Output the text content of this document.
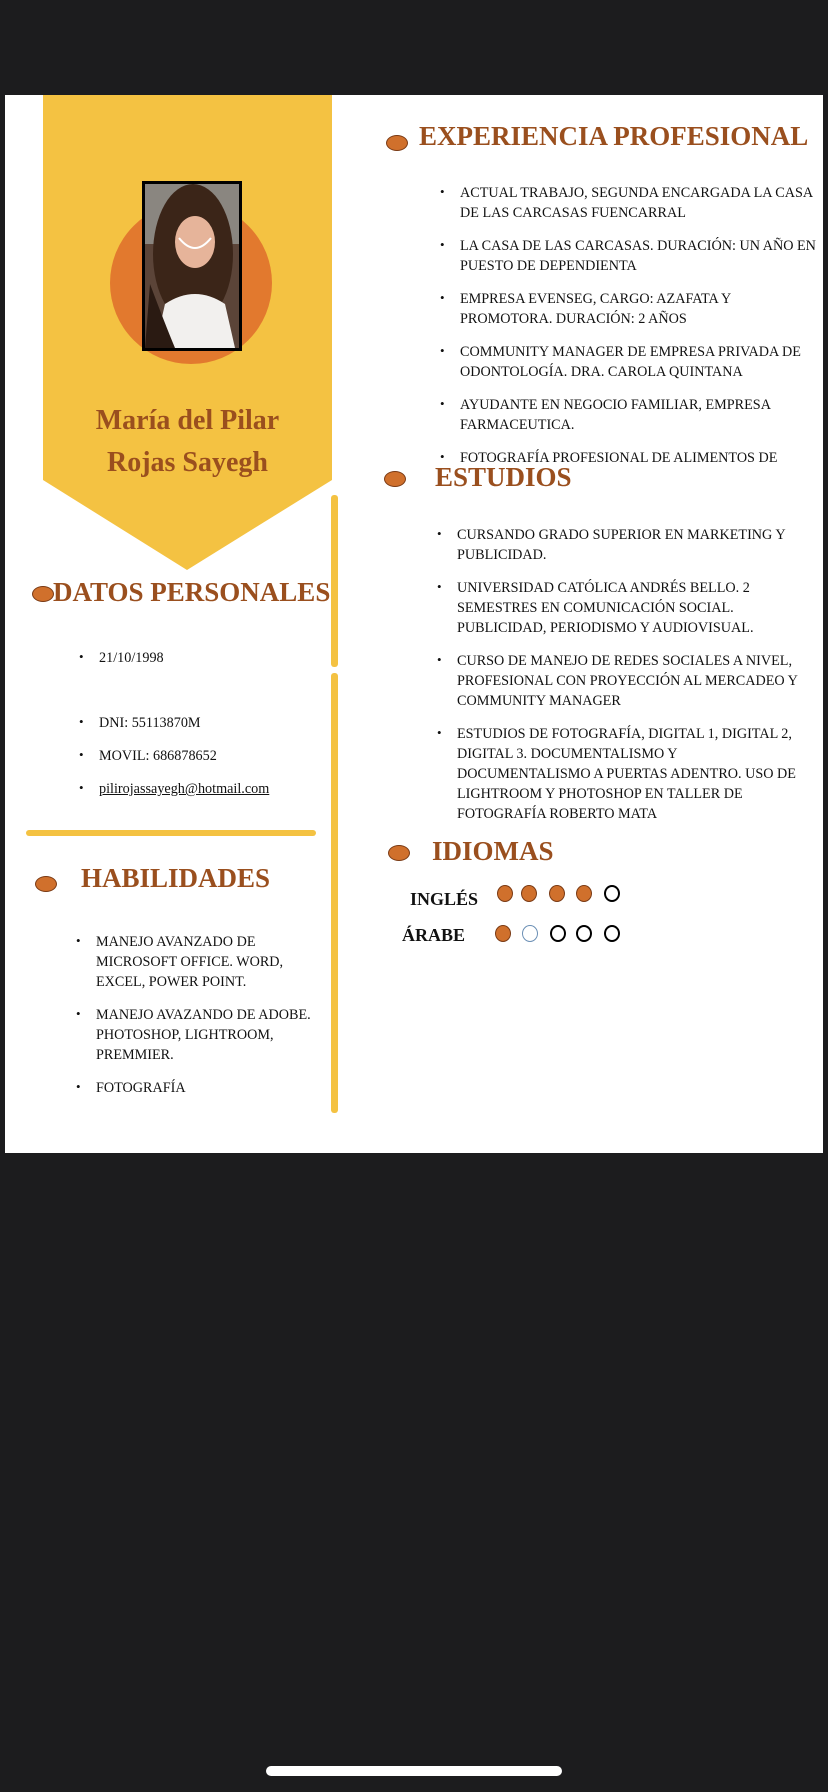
María del Pilar
Rojas Sayegh
DATOS PERSONALES
• 21/10/1998
• DNI: 55113870M
• MOVIL: 686878652
• pilirojassayegh@hotmail.com
HABILIDADES
• MANEJO AVANZADO DE MICROSOFT OFFICE. WORD, EXCEL, POWER POINT.
• MANEJO AVAZANDO DE ADOBE. PHOTOSHOP, LIGHTROOM, PREMMIER.
• FOTOGRAFÍA
EXPERIENCIA PROFESIONAL
• ACTUAL TRABAJO, SEGUNDA ENCARGADA LA CASA DE LAS CARCASAS FUENCARRAL
• LA CASA DE LAS CARCASAS. DURACIÓN: UN AÑO EN PUESTO DE DEPENDIENTA
• EMPRESA EVENSEG, CARGO: AZAFATA Y PROMOTORA. DURACIÓN: 2 AÑOS
• COMMUNITY MANAGER DE EMPRESA PRIVADA DE ODONTOLOGÍA. DRA. CAROLA QUINTANA
• AYUDANTE EN NEGOCIO FAMILIAR, EMPRESA FARMACEUTICA.
• FOTOGRAFÍA PROFESIONAL DE ALIMENTOS DE
ESTUDIOS
• CURSANDO GRADO SUPERIOR EN MARKETING Y PUBLICIDAD.
• UNIVERSIDAD CATÓLICA ANDRÉS BELLO. 2 SEMESTRES EN COMUNICACIÓN SOCIAL. PUBLICIDAD, PERIODISMO Y AUDIOVISUAL.
• CURSO DE MANEJO DE REDES SOCIALES A NIVEL, PROFESIONAL CON PROYECCIÓN AL MERCADEO Y COMMUNITY MANAGER
• ESTUDIOS DE FOTOGRAFÍA, DIGITAL 1, DIGITAL 2, DIGITAL 3. DOCUMENTALISMO Y DOCUMENTALISMO A PUERTAS ADENTRO. USO DE LIGHTROOM Y PHOTOSHOP EN TALLER DE FOTOGRAFÍA ROBERTO MATA
IDIOMAS
INGLÉS
ÁRABE
